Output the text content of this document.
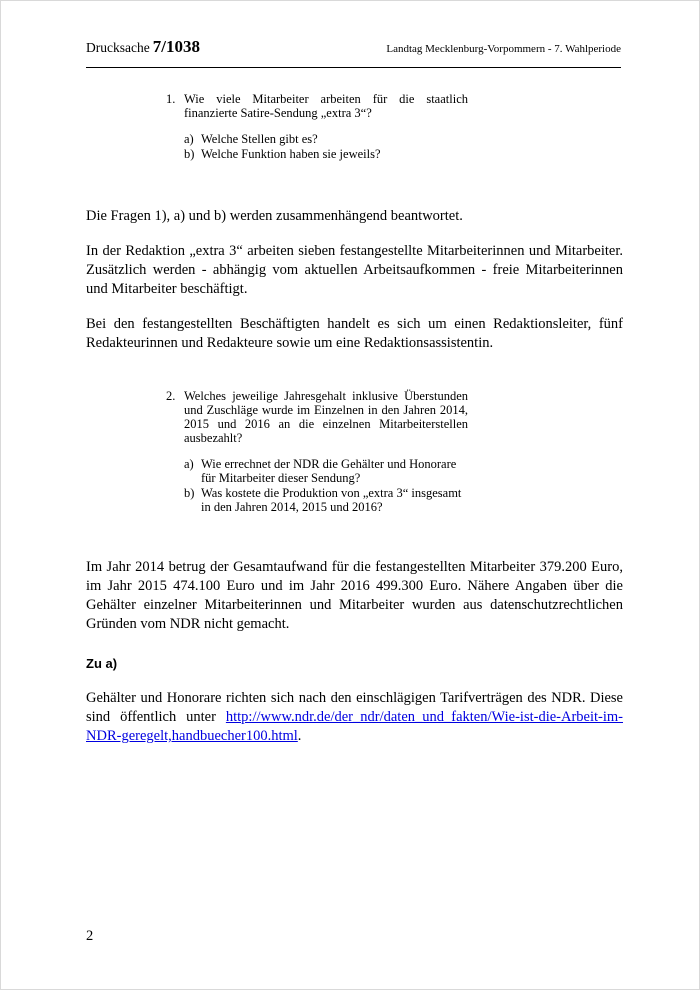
Drucksache 7/1038	Landtag Mecklenburg-Vorpommern - 7. Wahlperiode
1. Wie viele Mitarbeiter arbeiten für die staatlich finanzierte Satire-Sendung „extra 3“?

a) Welche Stellen gibt es?

b) Welche Funktion haben sie jeweils?

Die Fragen 1), a) und b) werden zusammenhängend beantwortet.

In der Redaktion „extra 3“ arbeiten sieben festangestellte Mitarbeiterinnen und Mitarbeiter. Zusätzlich werden - abhängig vom aktuellen Arbeitsaufkommen - freie Mitarbeiterinnen und Mitarbeiter beschäftigt.

Bei den festangestellten Beschäftigten handelt es sich um einen Redaktionsleiter, fünf Redakteurinnen und Redakteure sowie um eine Redaktionsassistentin.

2. Welches jeweilige Jahresgehalt inklusive Überstunden und Zuschläge wurde im Einzelnen in den Jahren 2014, 2015 und 2016 an die einzelnen Mitarbeiterstellen ausbezahlt?

a) Wie errechnet der NDR die Gehälter und Honorare für Mitarbeiter dieser Sendung?

b) Was kostete die Produktion von „extra 3“ insgesamt in den Jahren 2014, 2015 und 2016?

Im Jahr 2014 betrug der Gesamtaufwand für die festangestellten Mitarbeiter 379.200 Euro, im Jahr 2015 474.100 Euro und im Jahr 2016 499.300 Euro. Nähere Angaben über die Gehälter einzelner Mitarbeiterinnen und Mitarbeiter wurden aus datenschutzrechtlichen Gründen vom NDR nicht gemacht.

Zu a)

Gehälter und Honorare richten sich nach den einschlägigen Tarifverträgen des NDR. Diese sind öffentlich unter http://www.ndr.de/der_ndr/daten_und_fakten/Wie-ist-die-Arbeit-im-NDR-geregelt,handbuecher100.html.

2
